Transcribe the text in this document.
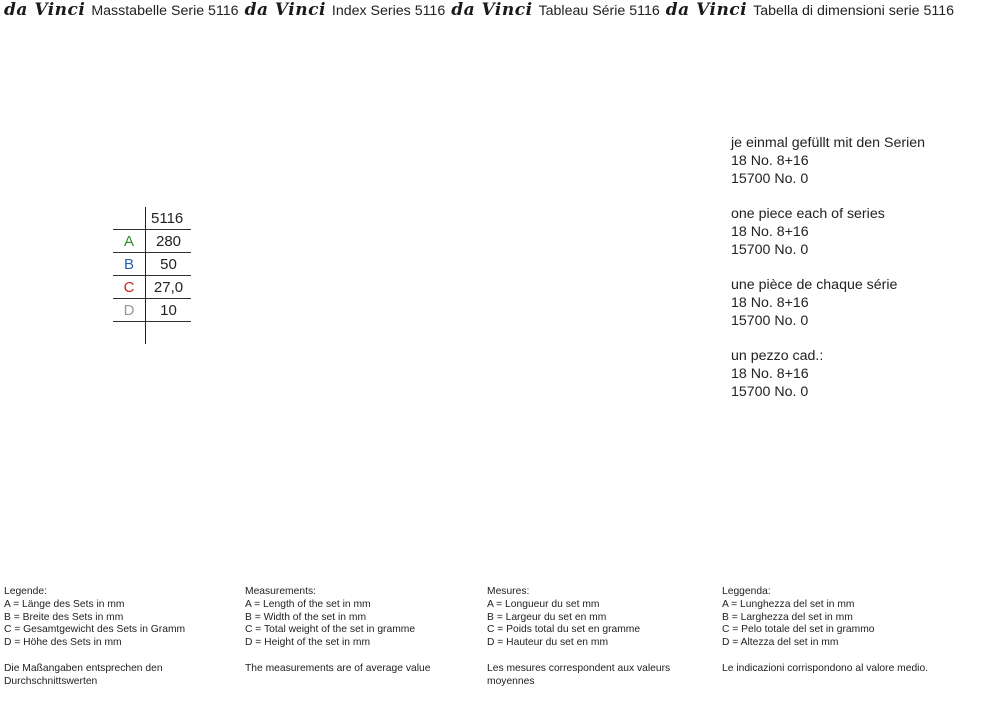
da Vinci Masstabelle Serie 5116 da Vinci Index Series 5116 da Vinci Tableau Série 5116 da Vinci Tabella di dimensioni serie 5116
	5116
A	280
B	50
C	27,0
D	10

je einmal gefüllt mit den Serien
18 No. 8+16
15700 No. 0
one piece each of series
18 No. 8+16
15700 No. 0
une pièce de chaque série
18 No. 8+16
15700 No. 0
un pezzo cad.:
18 No. 8+16
15700 No. 0
Legende:
A = Länge des Sets in mm
B = Breite des Sets in mm
C = Gesamtgewicht des Sets in Gramm
D = Höhe des Sets in mm
Die Maßangaben entsprechen den
Durchschnittswerten
Measurements:
A = Length of the set in mm
B = Width of the set in mm
C = Total weight of the set in gramme
D = Height of the set in mm
The measurements are of average value
Mesures:
A = Longueur du set mm
B = Largeur du set en mm
C = Poids total du set en gramme
D = Hauteur du set en mm
Les mesures correspondent aux valeurs
moyennes
Leggenda:
A = Lunghezza del set in mm
B = Larghezza del set in mm
C = Pelo totale del set in grammo
D = Altezza del set in mm
Le indicazioni corrispondono al valore medio.
